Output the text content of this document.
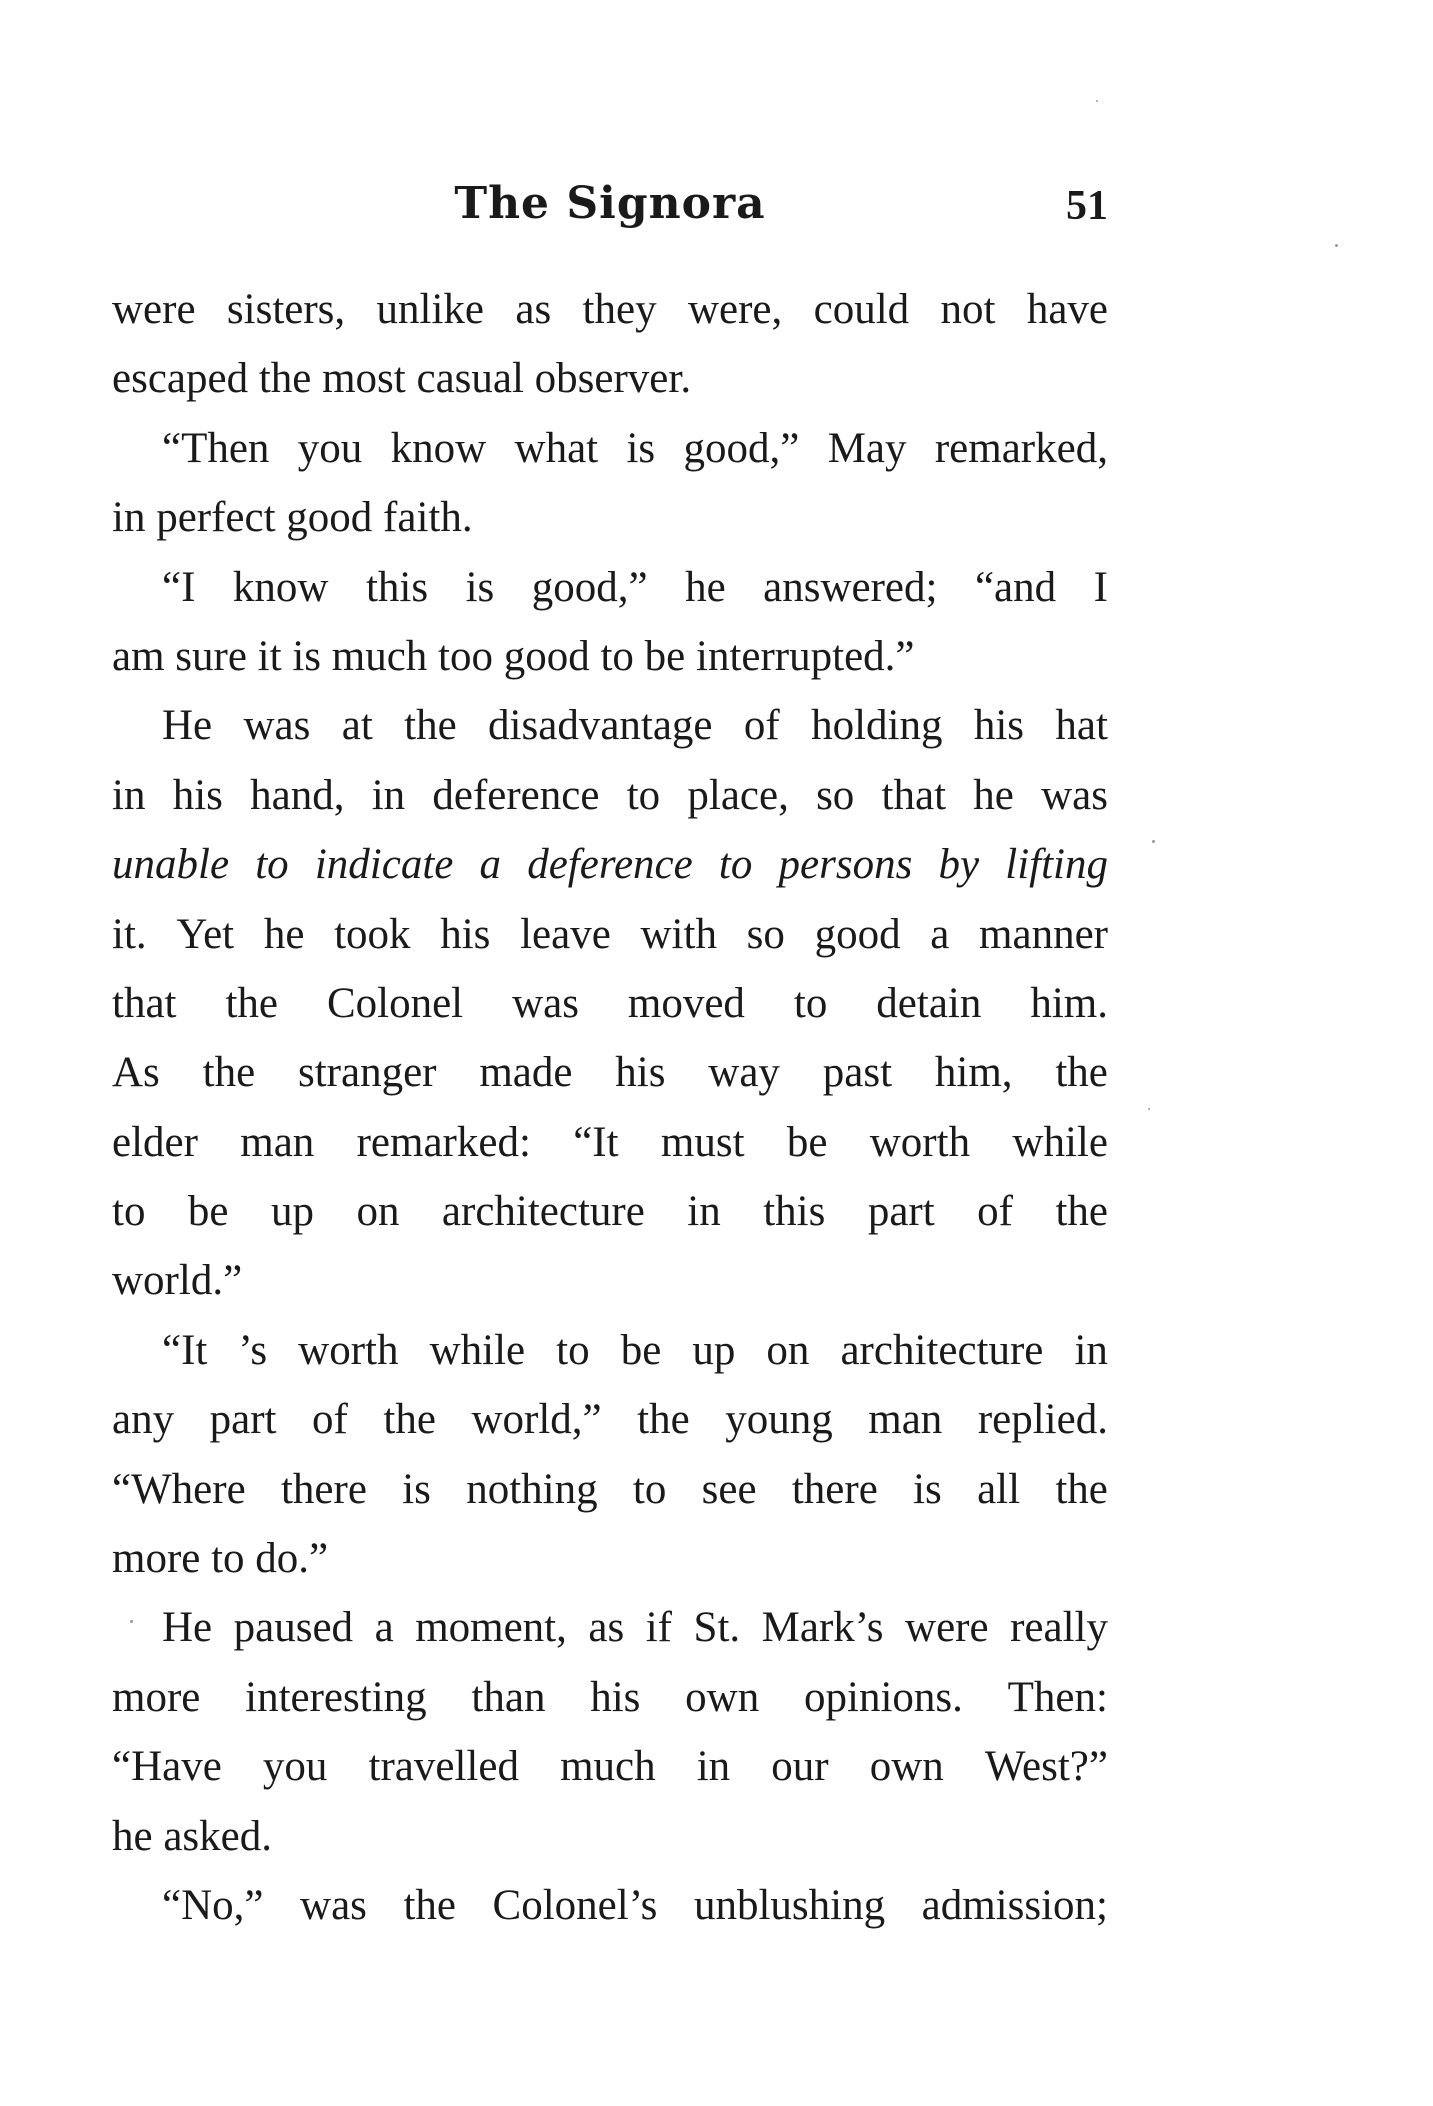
The Signora	51
were sisters, unlike as they were, could not have
escaped the most casual observer.
“Then you know what is good,” May remarked,
in perfect good faith.
“I know this is good,” he answered; “and I
am sure it is much too good to be interrupted.”
He was at the disadvantage of holding his hat
in his hand, in deference to place, so that he was
unable to indicate a deference to persons by lifting
it. Yet he took his leave with so good a manner
that the Colonel was moved to detain him.
As the stranger made his way past him, the
elder man remarked: “It must be worth while
to be up on architecture in this part of the
world.”
“It ’s worth while to be up on architecture in
any part of the world,” the young man replied.
“Where there is nothing to see there is all the
more to do.”
He paused a moment, as if St. Mark’s were really
more interesting than his own opinions. Then:
“Have you travelled much in our own West?”
he asked.
“No,” was the Colonel’s unblushing admission;
